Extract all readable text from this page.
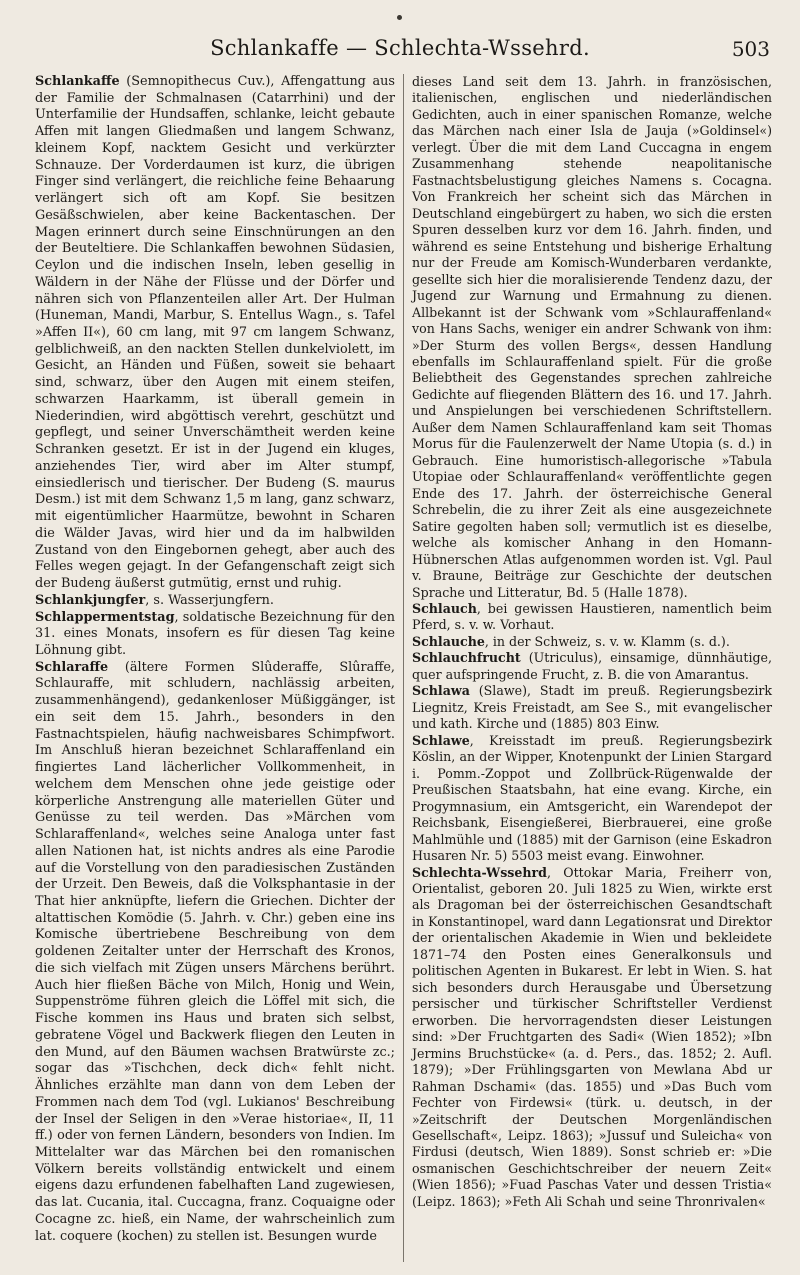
Schlankaffe — Schlechta-Wssehrd.	503

Schlankaffe (Semnopithecus Cuv.), Affengattung aus der Familie der Schmalnasen (Catarrhini) und der Unterfamilie der Hundsaffen, schlanke, leicht gebaute Affen mit langen Gliedmaßen und langem Schwanz, kleinem Kopf, nacktem Gesicht und verkürzter Schnauze. Der Vorderdaumen ist kurz, die übrigen Finger sind verlängert, die reichliche feine Behaarung verlängert sich oft am Kopf. Sie besitzen Gesäßschwielen, aber keine Backentaschen. Der Magen erinnert durch seine Einschnürungen an den der Beuteltiere. Die Schlankaffen bewohnen Südasien, Ceylon und die indischen Inseln, leben gesellig in Wäldern in der Nähe der Flüsse und der Dörfer und nähren sich von Pflanzenteilen aller Art. Der Hulman (Huneman, Mandi, Marbur, S. Entellus Wagn., s. Tafel »Affen II«), 60 cm lang, mit 97 cm langem Schwanz, gelblichweiß, an den nackten Stellen dunkelviolett, im Gesicht, an Händen und Füßen, soweit sie behaart sind, schwarz, über den Augen mit einem steifen, schwarzen Haarkamm, ist überall gemein in Niederindien, wird abgöttisch verehrt, geschützt und gepflegt, und seiner Unverschämtheit werden keine Schranken gesetzt. Er ist in der Jugend ein kluges, anziehendes Tier, wird aber im Alter stumpf, einsiedlerisch und tierischer. Der Budeng (S. maurus Desm.) ist mit dem Schwanz 1,5 m lang, ganz schwarz, mit eigentümlicher Haarmütze, bewohnt in Scharen die Wälder Javas, wird hier und da im halbwilden Zustand von den Eingebornen gehegt, aber auch des Felles wegen gejagt. In der Gefangenschaft zeigt sich der Budeng äußerst gutmütig, ernst und ruhig.

Schlankjungfer, s. Wasserjungfern.

Schlappermentstag, soldatische Bezeichnung für den 31. eines Monats, insofern es für diesen Tag keine Löhnung gibt.

Schlaraffe (ältere Formen Slûderaffe, Slûraffe, Schlauraffe, mit schludern, nachlässig arbeiten, zusammenhängend), gedankenloser Müßiggänger, ist ein seit dem 15. Jahrh., besonders in den Fastnachtspielen, häufig nachweisbares Schimpfwort. Im Anschluß hieran bezeichnet Schlaraffenland ein fingiertes Land lächerlicher Vollkommenheit, in welchem dem Menschen ohne jede geistige oder körperliche Anstrengung alle materiellen Güter und Genüsse zu teil werden. Das »Märchen vom Schlaraffenland«, welches seine Analoga unter fast allen Nationen hat, ist nichts andres als eine Parodie auf die Vorstellung von den paradiesischen Zuständen der Urzeit. Den Beweis, daß die Volksphantasie in der That hier anknüpfte, liefern die Griechen. Dichter der altattischen Komödie (5. Jahrh. v. Chr.) geben eine ins Komische übertriebene Beschreibung von dem goldenen Zeitalter unter der Herrschaft des Kronos, die sich vielfach mit Zügen unsers Märchens berührt. Auch hier fließen Bäche von Milch, Honig und Wein, Suppenströme führen gleich die Löffel mit sich, die Fische kommen ins Haus und braten sich selbst, gebratene Vögel und Backwerk fliegen den Leuten in den Mund, auf den Bäumen wachsen Bratwürste zc.; sogar das »Tischchen, deck dich« fehlt nicht. Ähnliches erzählte man dann von dem Leben der Frommen nach dem Tod (vgl. Lukianos' Beschreibung der Insel der Seligen in den »Verae historiae«, II, 11 ff.) oder von fernen Ländern, besonders von Indien. Im Mittelalter war das Märchen bei den romanischen Völkern bereits vollständig entwickelt und einem eigens dazu erfundenen fabelhaften Land zugewiesen, das lat. Cucania, ital. Cuccagna, franz. Coquaigne oder Cocagne zc. hieß, ein Name, der wahrscheinlich zum lat. coquere (kochen) zu stellen ist. Besungen wurde

dieses Land seit dem 13. Jahrh. in französischen, italienischen, englischen und niederländischen Gedichten, auch in einer spanischen Romanze, welche das Märchen nach einer Isla de Jauja (»Goldinsel«) verlegt. Über die mit dem Land Cuccagna in engem Zusammenhang stehende neapolitanische Fastnachtsbelustigung gleiches Namens s. Cocagna. Von Frankreich her scheint sich das Märchen in Deutschland eingebürgert zu haben, wo sich die ersten Spuren desselben kurz vor dem 16. Jahrh. finden, und während es seine Entstehung und bisherige Erhaltung nur der Freude am Komisch-Wunderbaren verdankte, gesellte sich hier die moralisierende Tendenz dazu, der Jugend zur Warnung und Ermahnung zu dienen. Allbekannt ist der Schwank vom »Schlauraffenland« von Hans Sachs, weniger ein andrer Schwank von ihm: »Der Sturm des vollen Bergs«, dessen Handlung ebenfalls im Schlauraffenland spielt. Für die große Beliebtheit des Gegenstandes sprechen zahlreiche Gedichte auf fliegenden Blättern des 16. und 17. Jahrh. und Anspielungen bei verschiedenen Schriftstellern. Außer dem Namen Schlauraffenland kam seit Thomas Morus für die Faulenzerwelt der Name Utopia (s. d.) in Gebrauch. Eine humoristisch-allegorische »Tabula Utopiae oder Schlauraffenland« veröffentlichte gegen Ende des 17. Jahrh. der österreichische General Schrebelin, die zu ihrer Zeit als eine ausgezeichnete Satire gegolten haben soll; vermutlich ist es dieselbe, welche als komischer Anhang in den Homann-Hübnerschen Atlas aufgenommen worden ist. Vgl. Paul v. Braune, Beiträge zur Geschichte der deutschen Sprache und Litteratur, Bd. 5 (Halle 1878).

Schlauch, bei gewissen Haustieren, namentlich beim Pferd, s. v. w. Vorhaut.

Schlauche, in der Schweiz, s. v. w. Klamm (s. d.).

Schlauchfrucht (Utriculus), einsamige, dünnhäutige, quer aufspringende Frucht, z. B. die von Amarantus.

Schlawa (Slawe), Stadt im preuß. Regierungsbezirk Liegnitz, Kreis Freistadt, am See S., mit evangelischer und kath. Kirche und (1885) 803 Einw.

Schlawe, Kreisstadt im preuß. Regierungsbezirk Köslin, an der Wipper, Knotenpunkt der Linien Stargard i. Pomm.-Zoppot und Zollbrück-Rügenwalde der Preußischen Staatsbahn, hat eine evang. Kirche, ein Progymnasium, ein Amtsgericht, ein Warendepot der Reichsbank, Eisengießerei, Bierbrauerei, eine große Mahlmühle und (1885) mit der Garnison (eine Eskadron Husaren Nr. 5) 5503 meist evang. Einwohner.

Schlechta-Wssehrd, Ottokar Maria, Freiherr von, Orientalist, geboren 20. Juli 1825 zu Wien, wirkte erst als Dragoman bei der österreichischen Gesandtschaft in Konstantinopel, ward dann Legationsrat und Direktor der orientalischen Akademie in Wien und bekleidete 1871–74 den Posten eines Generalkonsuls und politischen Agenten in Bukarest. Er lebt in Wien. S. hat sich besonders durch Herausgabe und Übersetzung persischer und türkischer Schriftsteller Verdienst erworben. Die hervorragendsten dieser Leistungen sind: »Der Fruchtgarten des Sadi« (Wien 1852); »Ibn Jermins Bruchstücke« (a. d. Pers., das. 1852; 2. Aufl. 1879); »Der Frühlingsgarten von Mewlana Abd ur Rahman Dschami« (das. 1855) und »Das Buch vom Fechter von Firdewsi« (türk. u. deutsch, in der »Zeitschrift der Deutschen Morgenländischen Gesellschaft«, Leipz. 1863); »Jussuf und Suleicha« von Firdusi (deutsch, Wien 1889). Sonst schrieb er: »Die osmanischen Geschichtschreiber der neuern Zeit« (Wien 1856); »Fuad Paschas Vater und dessen Tristia« (Leipz. 1863); »Feth Ali Schah und seine Thronrivalen«
